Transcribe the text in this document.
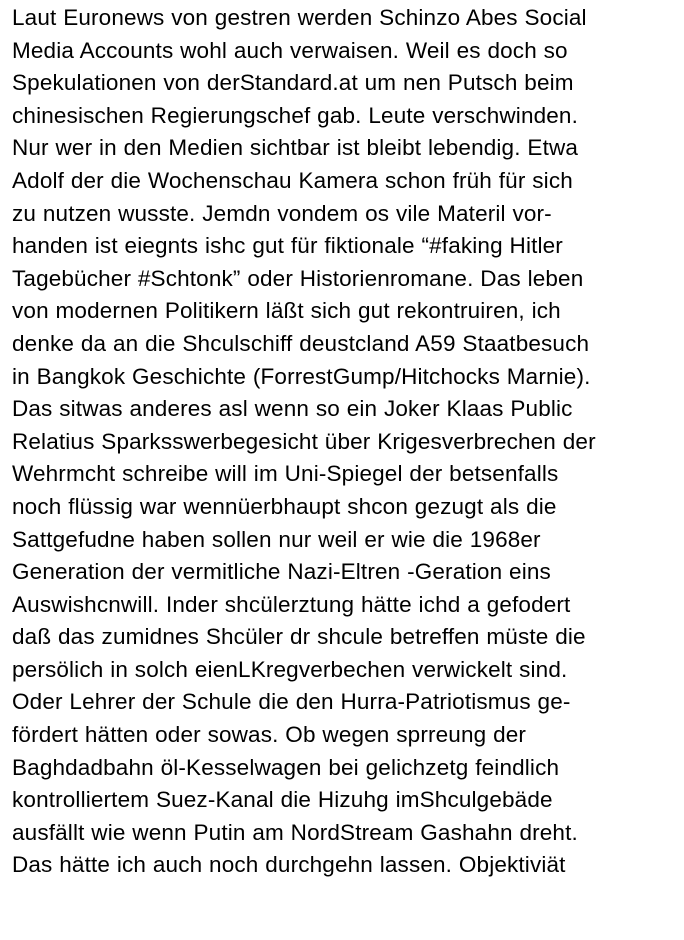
Laut Euronews von gestren werden Schinzo Abes Social
Media Accounts wohl auch verwaisen. Weil es doch so
Spekulationen von derStandard.at um nen Putsch beim
chinesischen Regierungschef gab. Leute verschwinden.
Nur wer in den Medien sichtbar ist bleibt lebendig. Etwa
Adolf der die Wochenschau Kamera schon früh für sich
zu nutzen wusste. Jemdn vondem os vile Materil vor-
handen ist eiegnts ishc gut für fiktionale “#faking Hitler
Tagebücher #Schtonk” oder Historienromane. Das leben
von modernen Politikern läßt sich gut rekontruiren, ich
denke da an die Shculschiff deustcland A59 Staatbesuch
in Bangkok Geschichte (ForrestGump/Hitchocks Marnie).
Das sitwas anderes asl wenn so ein Joker Klaas Public
Relatius Sparksswerbegesicht über Krigesverbrechen der
Wehrmcht schreibe will im Uni-Spiegel der betsenfalls
noch flüssig war wennüerbhaupt shcon gezugt als die
Sattgefudne haben sollen nur weil er wie die 1968er
Generation der vermitliche Nazi-Eltren -Geration eins
Auswishcnwill. Inder shcülerztung hätte ichd a gefodert
daß das zumidnes Shcüler dr shcule betreffen müste die
persölich in solch eienLKregverbechen verwickelt sind.
Oder Lehrer der Schule die den Hurra-Patriotismus ge-
fördert hätten oder sowas. Ob wegen sprreung der
Baghdadbahn öl-Kesselwagen bei gelichzetg feindlich
kontrolliertem Suez-Kanal die Hizuhg imShculgebäde
ausfällt wie wenn Putin am NordStream Gashahn dreht.
Das hätte ich auch noch durchgehn lassen. Objektiviät
